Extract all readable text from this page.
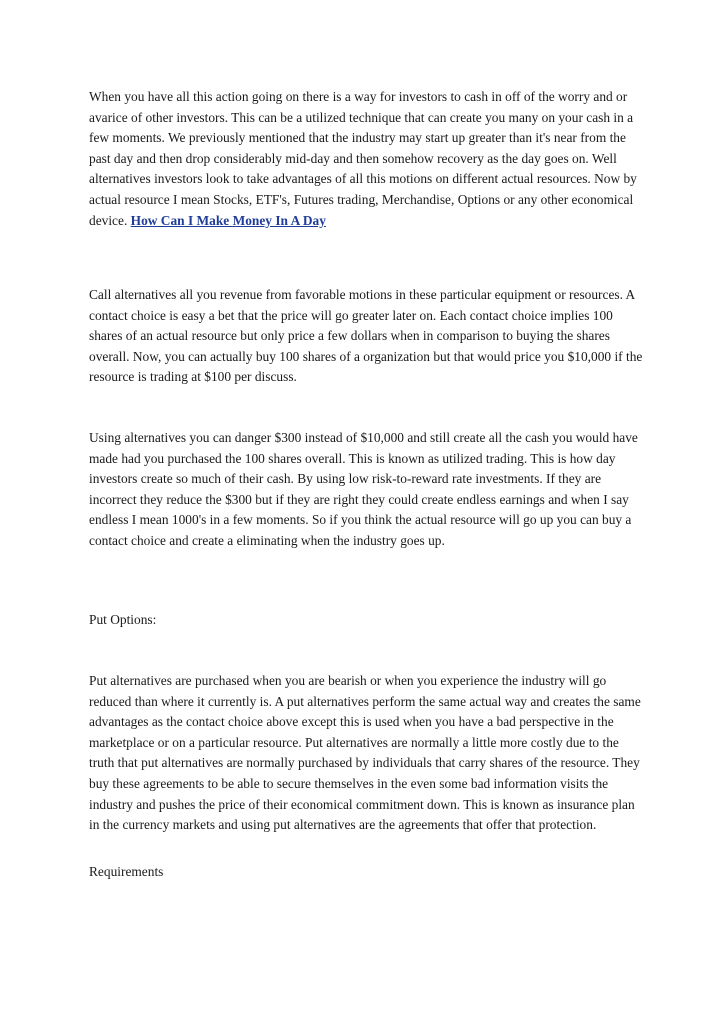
When you have all this action going on there is a way for investors to cash in off of the worry and or avarice of other investors. This can be a utilized technique that can create you many on your cash in a few moments. We previously mentioned that the industry may start up greater than it's near from the past day and then drop considerably mid-day and then somehow recovery as the day goes on. Well alternatives investors look to take advantages of all this motions on different actual resources. Now by actual resource I mean Stocks, ETF's, Futures trading, Merchandise, Options or any other economical device. How Can I Make Money In A Day

Call alternatives all you revenue from favorable motions in these particular equipment or resources. A contact choice is easy a bet that the price will go greater later on. Each contact choice implies 100 shares of an actual resource but only price a few dollars when in comparison to buying the shares overall. Now, you can actually buy 100 shares of a organization but that would price you $10,000 if the resource is trading at $100 per discuss.

Using alternatives you can danger $300 instead of $10,000 and still create all the cash you would have made had you purchased the 100 shares overall. This is known as utilized trading. This is how day investors create so much of their cash. By using low risk-to-reward rate investments. If they are incorrect they reduce the $300 but if they are right they could create endless earnings and when I say endless I mean 1000's in a few moments. So if you think the actual resource will go up you can buy a contact choice and create a eliminating when the industry goes up.

Put Options:

Put alternatives are purchased when you are bearish or when you experience the industry will go reduced than where it currently is. A put alternatives perform the same actual way and creates the same advantages as the contact choice above except this is used when you have a bad perspective in the marketplace or on a particular resource. Put alternatives are normally a little more costly due to the truth that put alternatives are normally purchased by individuals that carry shares of the resource. They buy these agreements to be able to secure themselves in the even some bad information visits the industry and pushes the price of their economical commitment down. This is known as insurance plan in the currency markets and using put alternatives are the agreements that offer that protection.

Requirements
